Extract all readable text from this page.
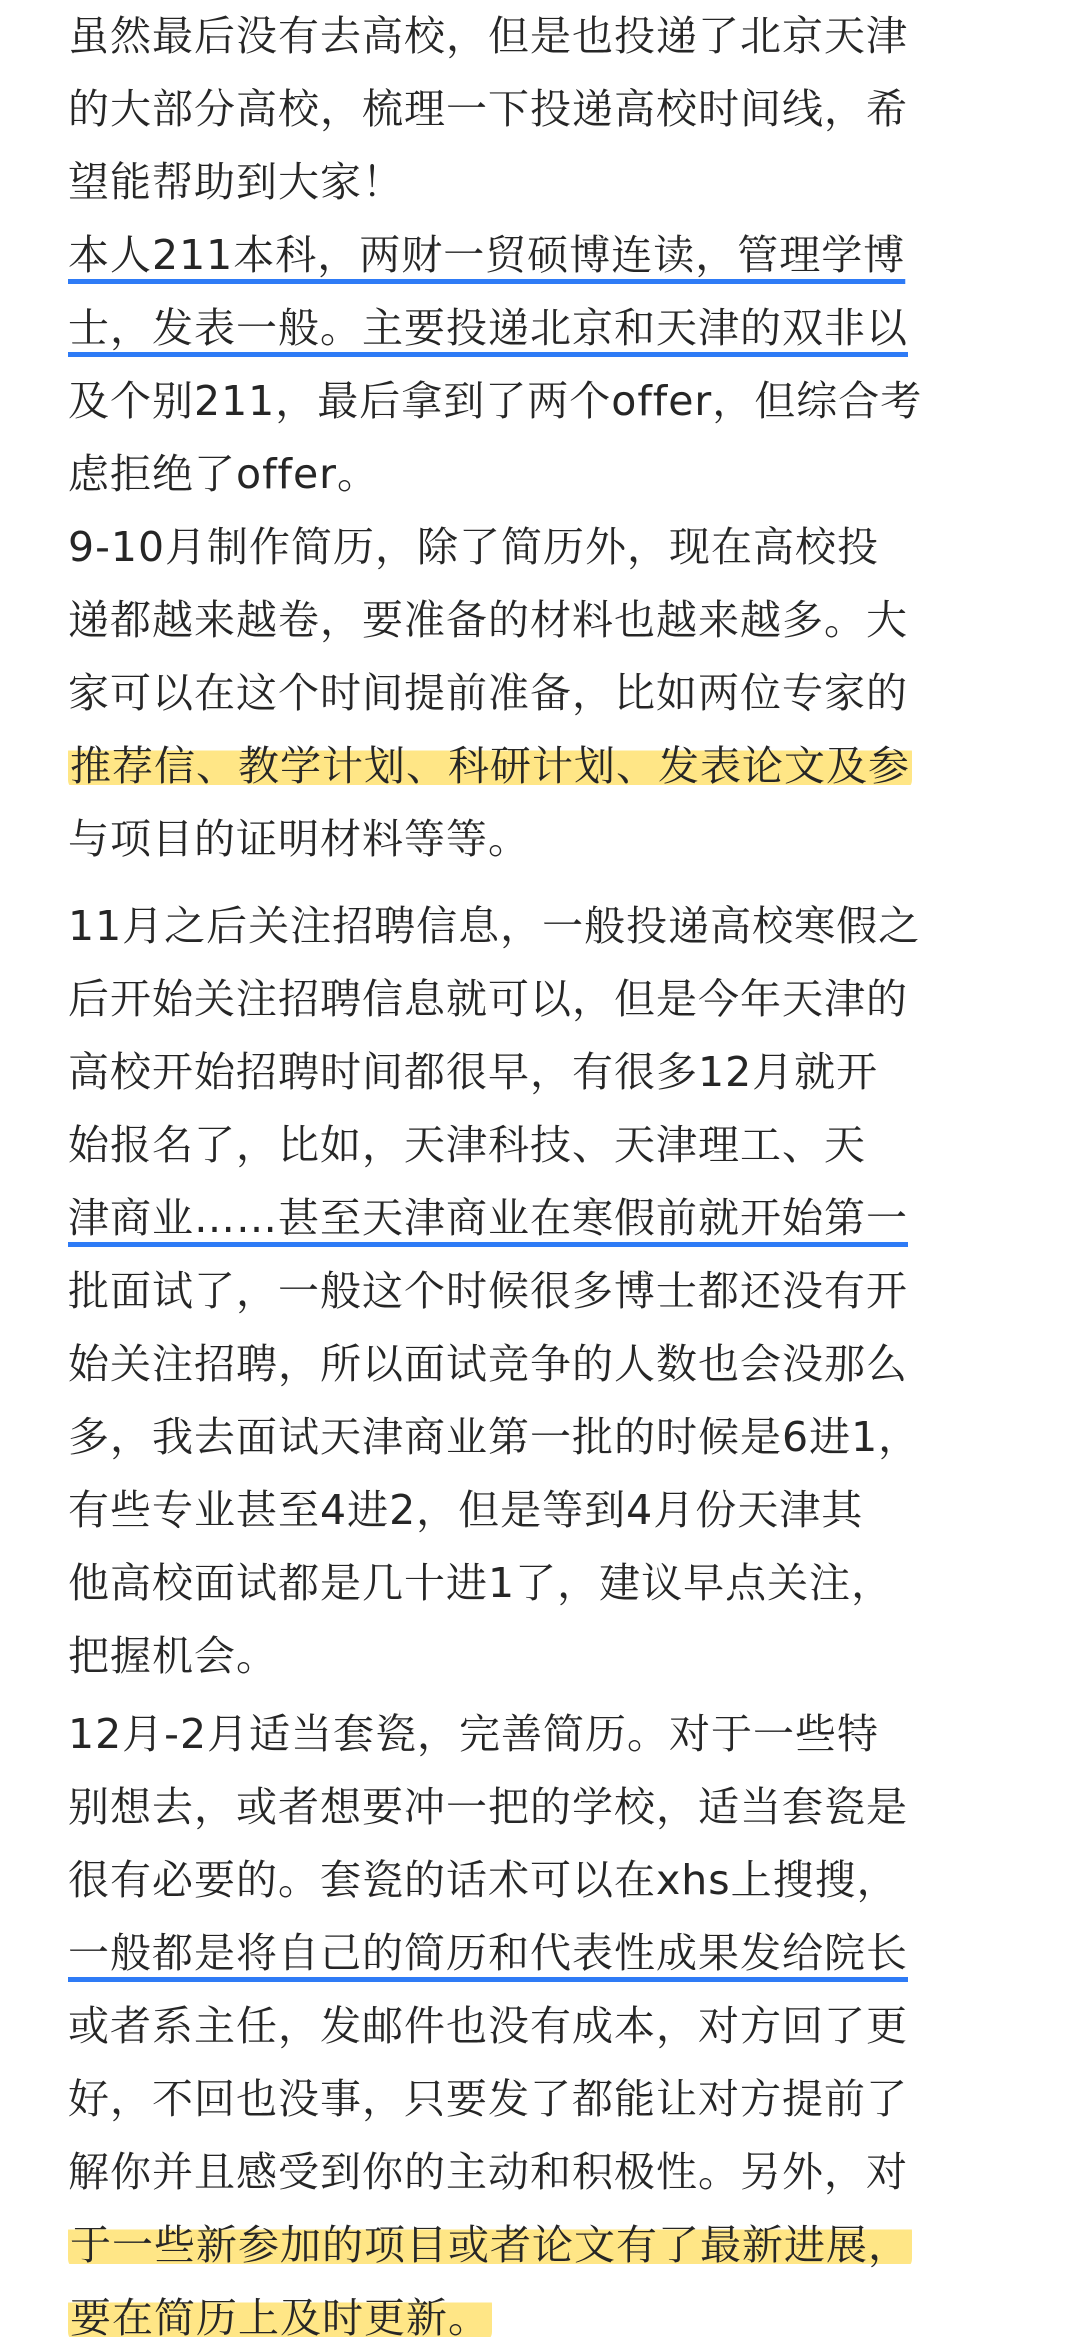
虽然最后没有去高校，但是也投递了北京天津
的大部分高校，梳理一下投递高校时间线，希
望能帮助到大家！

本人211本科，两财一贸硕博连读，管理学博
士，发表一般。主要投递北京和天津的双非以
及个别211，最后拿到了两个offer，但综合考
虑拒绝了offer。

9-10月制作简历，除了简历外，现在高校投
递都越来越卷，要准备的材料也越来越多。大
家可以在这个时间提前准备，比如两位专家的
推荐信、教学计划、科研计划、发表论文及参
与项目的证明材料等等。

11月之后关注招聘信息，一般投递高校寒假之
后开始关注招聘信息就可以，但是今年天津的
高校开始招聘时间都很早，有很多12月就开
始报名了，比如，天津科技、天津理工、天
津商业……甚至天津商业在寒假前就开始第一
批面试了，一般这个时候很多博士都还没有开
始关注招聘，所以面试竞争的人数也会没那么
多，我去面试天津商业第一批的时候是6进1，
有些专业甚至4进2，但是等到4月份天津其
他高校面试都是几十进1了，建议早点关注，
把握机会。

12月-2月适当套瓷，完善简历。对于一些特
别想去，或者想要冲一把的学校，适当套瓷是
很有必要的。套瓷的话术可以在xhs上搜搜，
一般都是将自己的简历和代表性成果发给院长
或者系主任，发邮件也没有成本，对方回了更
好，不回也没事，只要发了都能让对方提前了
解你并且感受到你的主动和积极性。另外，对
于一些新参加的项目或者论文有了最新进展，
要在简历上及时更新。
